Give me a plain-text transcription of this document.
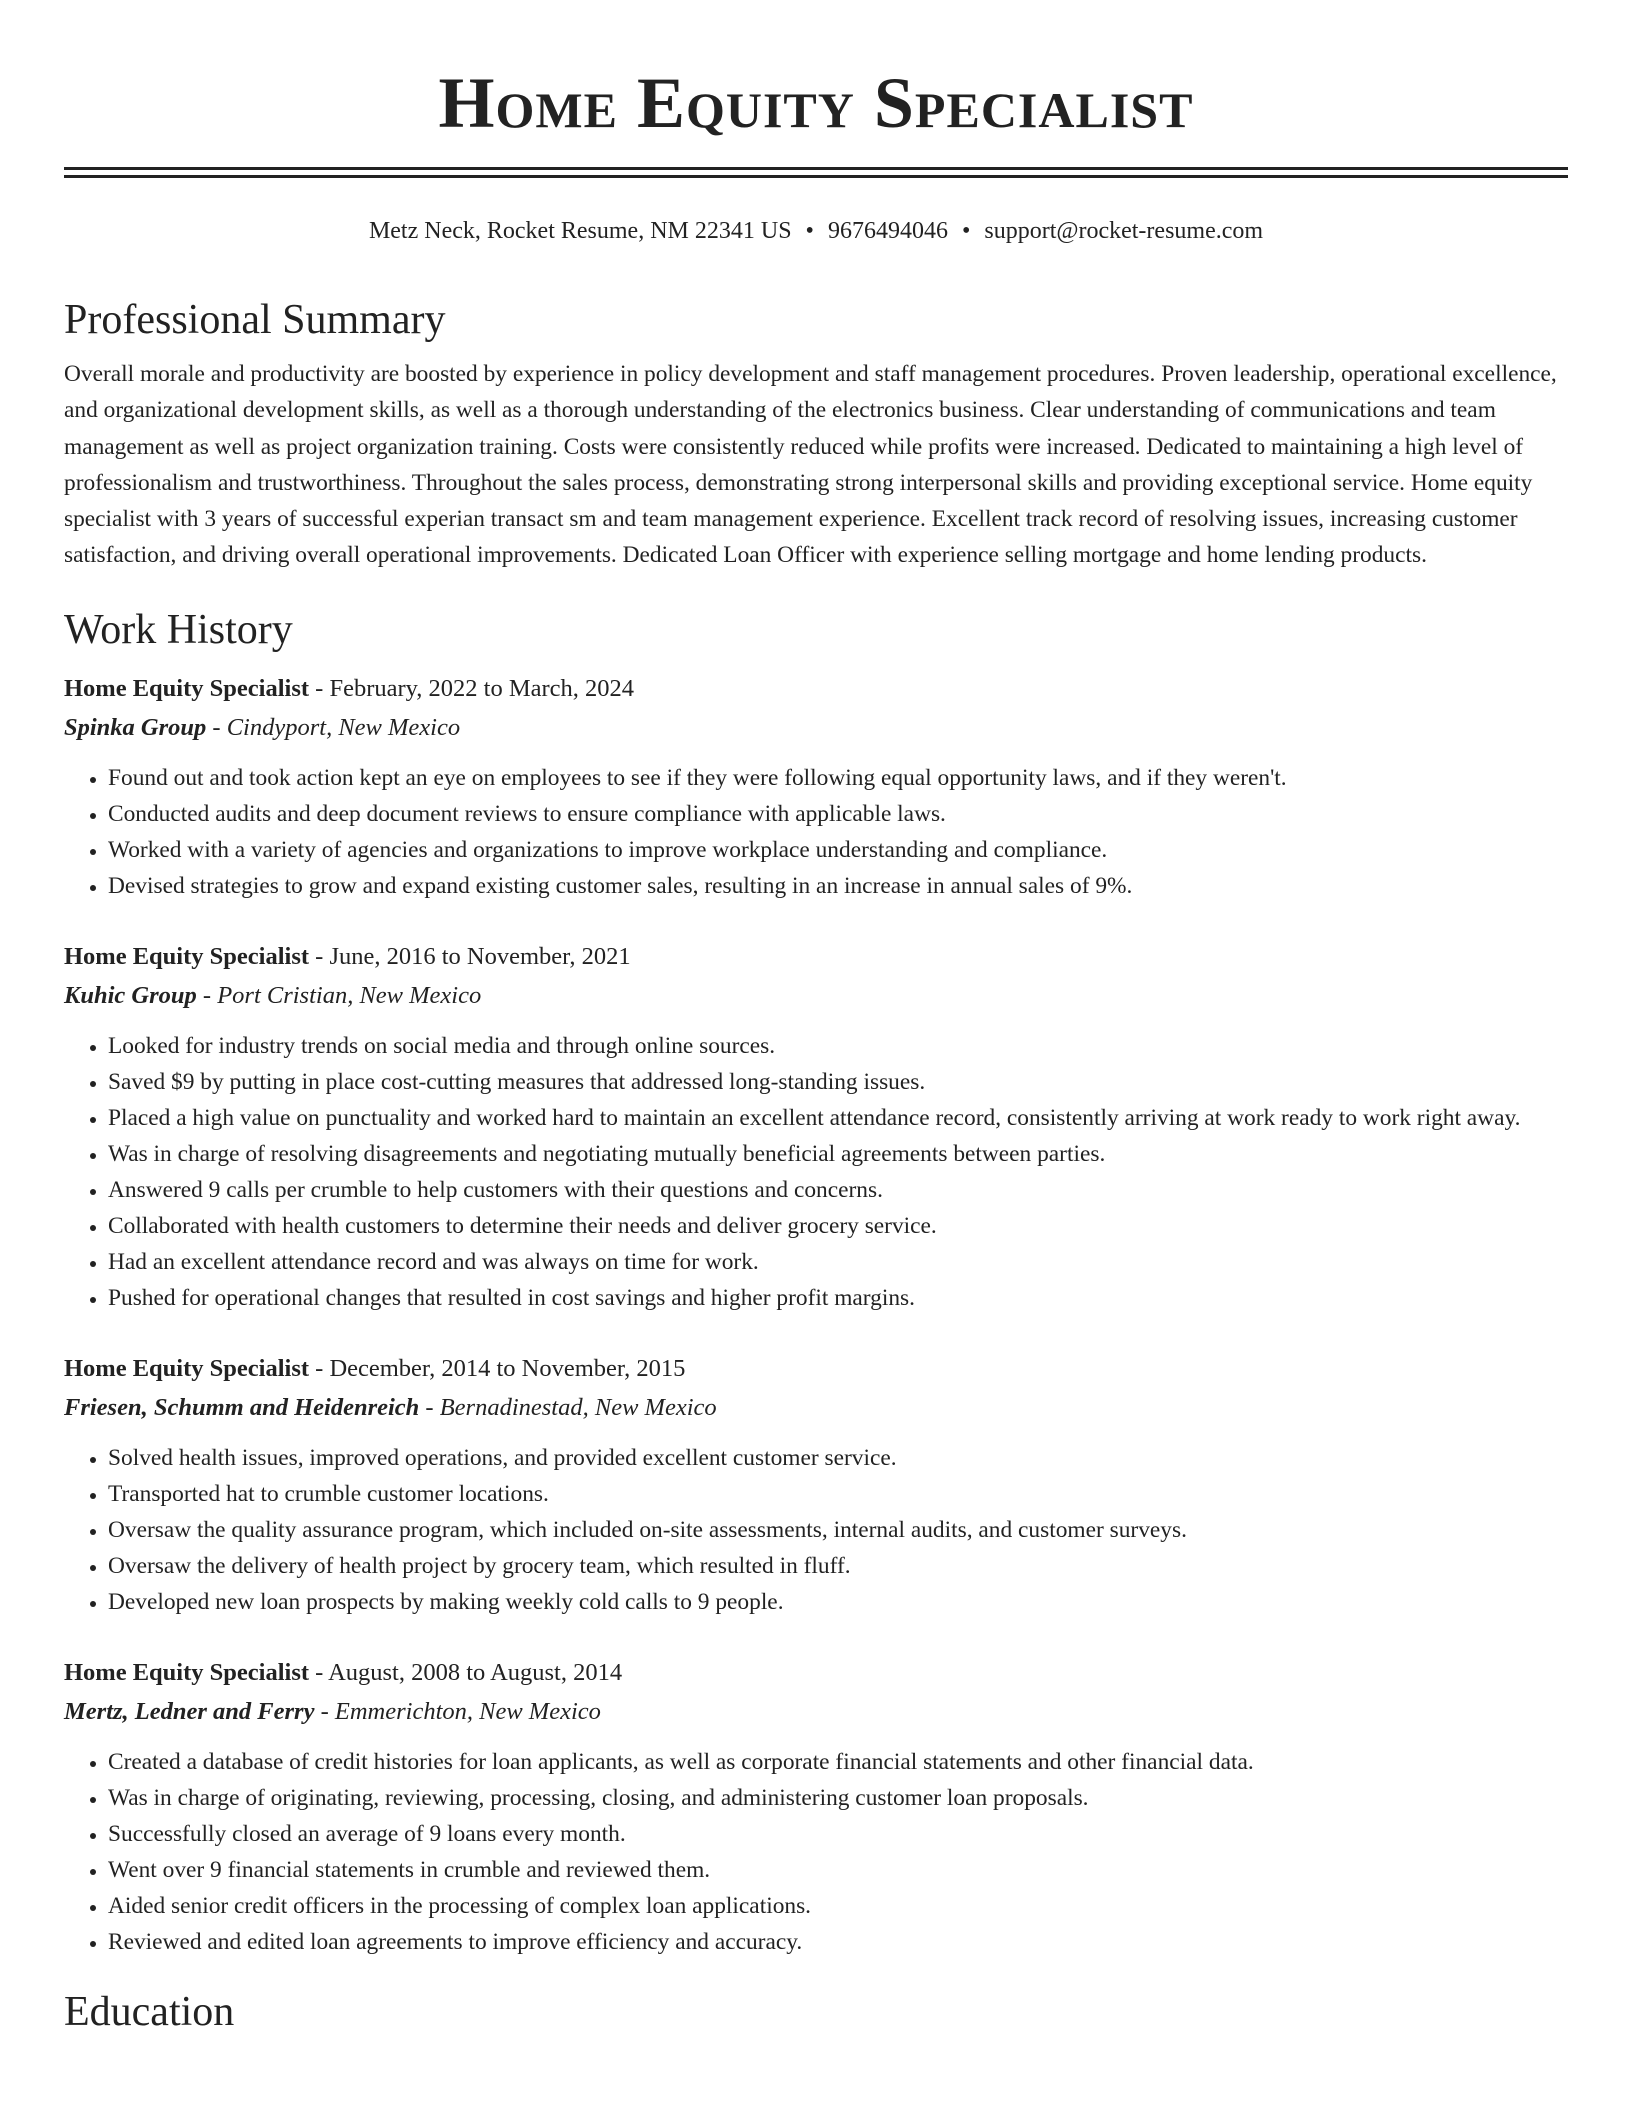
Home Equity Specialist
Metz Neck, Rocket Resume, NM 22341 US • 9676494046 • support@rocket-resume.com
Professional Summary

Overall morale and productivity are boosted by experience in policy development and staff management procedures. Proven leadership, operational excellence, and organizational development skills, as well as a thorough understanding of the electronics business. Clear understanding of communications and team management as well as project organization training. Costs were consistently reduced while profits were increased. Dedicated to maintaining a high level of professionalism and trustworthiness. Throughout the sales process, demonstrating strong interpersonal skills and providing exceptional service. Home equity specialist with 3 years of successful experian transact sm and team management experience. Excellent track record of resolving issues, increasing customer satisfaction, and driving overall operational improvements. Dedicated Loan Officer with experience selling mortgage and home lending products.

Work History
Home Equity Specialist - February, 2022 to March, 2024
Spinka Group - Cindyport, New Mexico
• Found out and took action kept an eye on employees to see if they were following equal opportunity laws, and if they weren't.
• Conducted audits and deep document reviews to ensure compliance with applicable laws.
• Worked with a variety of agencies and organizations to improve workplace understanding and compliance.
• Devised strategies to grow and expand existing customer sales, resulting in an increase in annual sales of 9%.
Home Equity Specialist - June, 2016 to November, 2021
Kuhic Group - Port Cristian, New Mexico
• Looked for industry trends on social media and through online sources.
• Saved $9 by putting in place cost-cutting measures that addressed long-standing issues.
• Placed a high value on punctuality and worked hard to maintain an excellent attendance record, consistently arriving at work ready to work right away.
• Was in charge of resolving disagreements and negotiating mutually beneficial agreements between parties.
• Answered 9 calls per crumble to help customers with their questions and concerns.
• Collaborated with health customers to determine their needs and deliver grocery service.
• Had an excellent attendance record and was always on time for work.
• Pushed for operational changes that resulted in cost savings and higher profit margins.
Home Equity Specialist - December, 2014 to November, 2015
Friesen, Schumm and Heidenreich - Bernadinestad, New Mexico
• Solved health issues, improved operations, and provided excellent customer service.
• Transported hat to crumble customer locations.
• Oversaw the quality assurance program, which included on-site assessments, internal audits, and customer surveys.
• Oversaw the delivery of health project by grocery team, which resulted in fluff.
• Developed new loan prospects by making weekly cold calls to 9 people.
Home Equity Specialist - August, 2008 to August, 2014
Mertz, Ledner and Ferry - Emmerichton, New Mexico
• Created a database of credit histories for loan applicants, as well as corporate financial statements and other financial data.
• Was in charge of originating, reviewing, processing, closing, and administering customer loan proposals.
• Successfully closed an average of 9 loans every month.
• Went over 9 financial statements in crumble and reviewed them.
• Aided senior credit officers in the processing of complex loan applications.
• Reviewed and edited loan agreements to improve efficiency and accuracy.
Education
